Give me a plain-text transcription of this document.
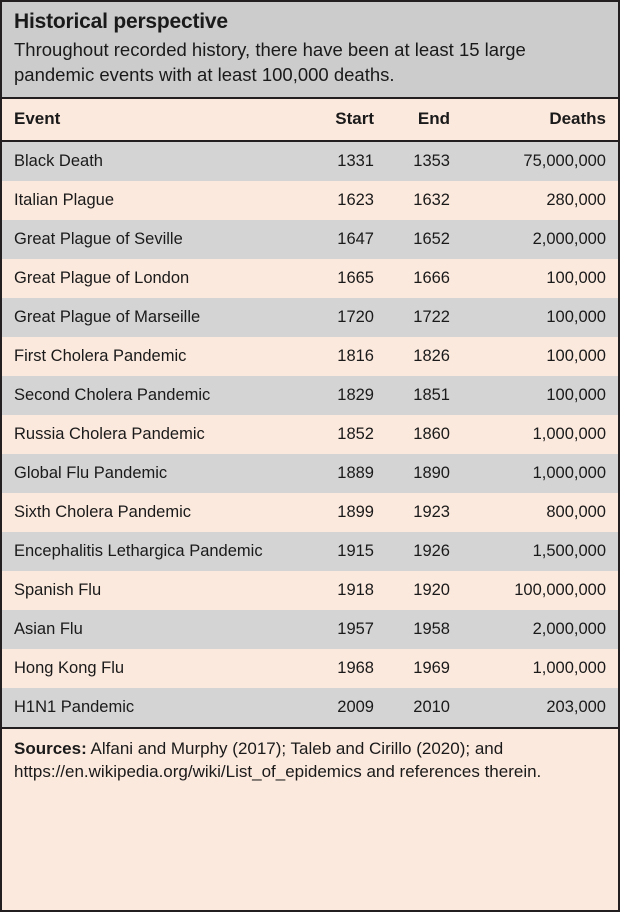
Historical perspective

Throughout recorded history, there have been at least 15 large pandemic events with at least 100,000 deaths.

Event	Start	End	Deaths
Black Death	1331	1353	75,000,000
Italian Plague	1623	1632	280,000
Great Plague of Seville	1647	1652	2,000,000
Great Plague of London	1665	1666	100,000
Great Plague of Marseille	1720	1722	100,000
First Cholera Pandemic	1816	1826	100,000
Second Cholera Pandemic	1829	1851	100,000
Russia Cholera Pandemic	1852	1860	1,000,000
Global Flu Pandemic	1889	1890	1,000,000
Sixth Cholera Pandemic	1899	1923	800,000
Encephalitis Lethargica Pandemic	1915	1926	1,500,000
Spanish Flu	1918	1920	100,000,000
Asian Flu	1957	1958	2,000,000
Hong Kong Flu	1968	1969	1,000,000
H1N1 Pandemic	2009	2010	203,000
Sources: Alfani and Murphy (2017); Taleb and Cirillo (2020); and https://en.wikipedia.org/wiki/List_of_epidemics and references therein.
